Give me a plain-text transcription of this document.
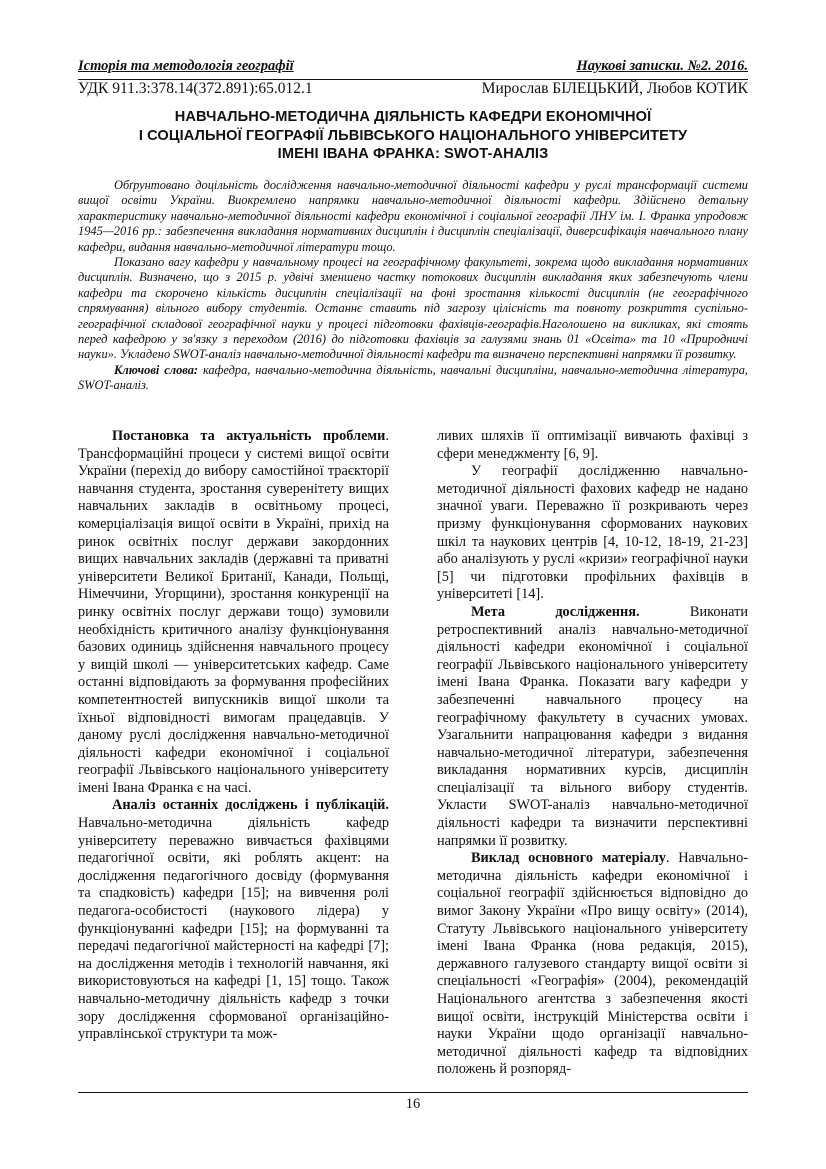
Історія та методологія географії	Наукові записки. №2. 2016.
УДК 911.3:378.14(372.891):65.012.1	Мирослав БІЛЕЦЬКИЙ, Любов КОТИК
НАВЧАЛЬНО-МЕТОДИЧНА ДІЯЛЬНІСТЬ КАФЕДРИ ЕКОНОМІЧНОЇ
І СОЦІАЛЬНОЇ ГЕОГРАФІЇ ЛЬВІВСЬКОГО НАЦІОНАЛЬНОГО УНІВЕРСИТЕТУ
ІМЕНІ ІВАНА ФРАНКА: SWOT-АНАЛІЗ

Обґрунтовано доцільність дослідження навчально-методичної діяльності кафедри у руслі трансформації системи вищої освіти України. Виокремлено напрямки навчально-методичної діяльності кафедри. Здійснено детальну характеристику навчально-методичної діяльності кафедри економічної і соціальної географії ЛНУ ім. І. Франка упродовж 1945—2016 рр.: забезпечення викладання нормативних дисциплін і дисциплін спеціалізації, диверсифікація навчального плану кафедри, видання навчально-методичної літератури тощо.

Показано вагу кафедри у навчальному процесі на географічному факультеті, зокрема щодо викладання нормативних дисциплін. Визначено, що з 2015 р. удвічі зменшено частку потокових дисциплін викладання яких забезпечують члени кафедри та скорочено кількість дисциплін спеціалізації на фоні зростання кількості дисциплін (не географічного спрямування) вільного вибору студентів. Останнє ставить під загрозу цілісність та повноту розкриття суспільно-географічної складової географічної науки у процесі підготовки фахівців-географів.Наголошено на викликах, які стоять перед кафедрою у зв'язку з переходом (2016) до підготовки фахівців за галузями знань 01 «Освіта» та 10 «Природничі науки». Укладено SWOT-аналіз навчально-методичної діяльності кафедри та визначено перспективні напрямки її розвитку.

Ключові слова: кафедра, навчально-методична діяльність, навчальні дисципліни, навчально-методична література, SWOT-аналіз.

Постановка та актуальність проблеми. Трансформаційні процеси у системі вищої освіти України (перехід до вибору самостійної траєкторії навчання студента, зростання суверенітету вищих навчальних закладів в освітньому процесі, комерціалізація вищої освіти в Україні, прихід на ринок освітніх послуг держави закордонних вищих навчальних закладів (державні та приватні університети Великої Британії, Канади, Польщі, Німеччини, Угорщини), зростання конкуренції на ринку освітніх послуг держави тощо) зумовили необхідність критичного аналізу функціонування базових одиниць здійснення навчального процесу у вищій школі — університетських кафедр. Саме останні відповідають за формування професійних компетентностей випускників вищої школи та їхньої відповідності вимогам працедавців. У даному руслі дослідження навчально-методичної діяльності кафедри економічної і соціальної географії Львівського національного університету імені Івана Франка є на часі.

Аналіз останніх досліджень і публікацій. Навчально-методична діяльність кафедр університету переважно вивчається фахівцями педагогічної освіти, які роблять акцент: на дослідження педагогічного досвіду (формування та спадковість) кафедри [15]; на вивчення ролі педагога-особистості (наукового лідера) у функціонуванні кафедри [15]; на формуванні та передачі педагогічної майстерності на кафедрі [7]; на дослідження методів і технологій навчання, які використовуються на кафедрі [1, 15] тощо. Також навчально-методичну діяльність кафедр з точки зору дослідження сформованої організаційно-управлінської структури та мож-

ливих шляхів її оптимізації вивчають фахівці з сфери менеджменту [6, 9].

У географії дослідженню навчально-методичної діяльності фахових кафедр не надано значної уваги. Переважно її розкривають через призму функціонування сформованих наукових шкіл та наукових центрів [4, 10-12, 18-19, 21-23] або аналізують у руслі «кризи» географічної науки [5] чи підготовки профільних фахівців в університеті [14].

Мета дослідження. Виконати ретроспективний аналіз навчально-методичної діяльності кафедри економічної і соціальної географії Львівського національного університету імені Івана Франка. Показати вагу кафедри у забезпеченні навчального процесу на географічному факультету в сучасних умовах. Узагальнити напрацювання кафедри з видання навчально-методичної літератури, забезпечення викладання нормативних курсів, дисциплін спеціалізації та вільного вибору студентів. Укласти SWOT-аналіз навчально-методичної діяльності кафедри та визначити перспективні напрямки її розвитку.

Виклад основного матеріалу. Навчально-методична діяльність кафедри економічної і соціальної географії здійснюється відповідно до вимог Закону України «Про вищу освіту» (2014), Статуту Львівського національного університету імені Івана Франка (нова редакція, 2015), державного галузевого стандарту вищої освіти зі спеціальності «Географія» (2004), рекомендацій Національного агентства з забезпечення якості вищої освіти, інструкцій Міністерства освіти і науки України щодо організації навчально-методичної діяльності кафедр та відповідних положень й розпоряд-

16
